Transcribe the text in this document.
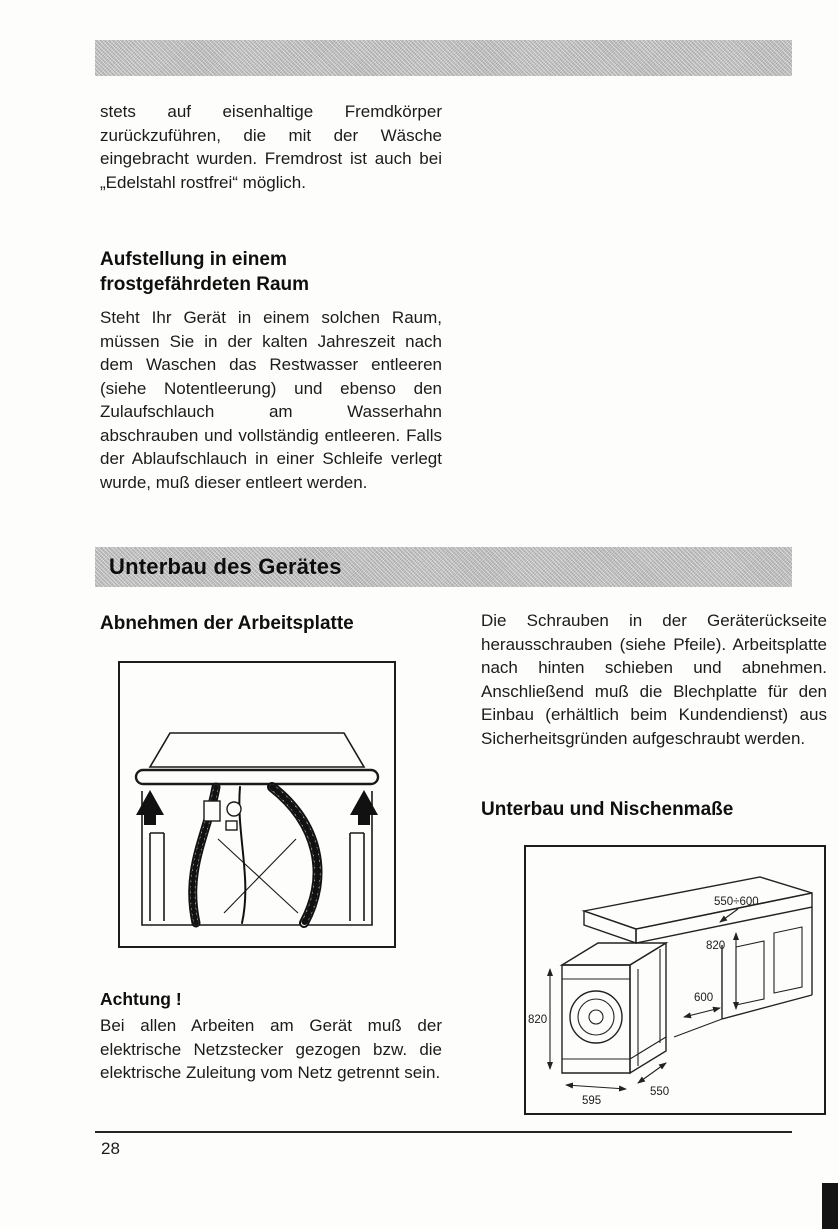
stets auf eisenhaltige Fremdkörper zurückzuführen, die mit der Wäsche eingebracht wurden. Fremdrost ist auch bei „Edelstahl rostfrei“ möglich.

Aufstellung in einem frostgefährdeten Raum

Steht Ihr Gerät in einem solchen Raum, müssen Sie in der kalten Jahreszeit nach dem Waschen das Restwasser entleeren (siehe Notentleerung) und ebenso den Zulaufschlauch am Wasserhahn abschrauben und vollständig entleeren. Falls der Ablaufschlauch in einer Schleife verlegt wurde, muß dieser entleert werden.

Unterbau des Gerätes
Abnehmen der Arbeitsplatte	Die Schrauben in der Geräterückseite herausschrauben (siehe Pfeile). Arbeitsplatte nach hinten schieben und abnehmen. Anschließend muß die Blechplatte für den Einbau (erhältlich beim Kundendienst) aus Sicherheitsgründen aufgeschraubt werden.

Unterbau und Nischenmaße
550÷600
820
600
820
595
550
Achtung !

Bei allen Arbeiten am Gerät muß der elektrische Netzstecker gezogen bzw. die elektrische Zuleitung vom Netz getrennt sein.

28
